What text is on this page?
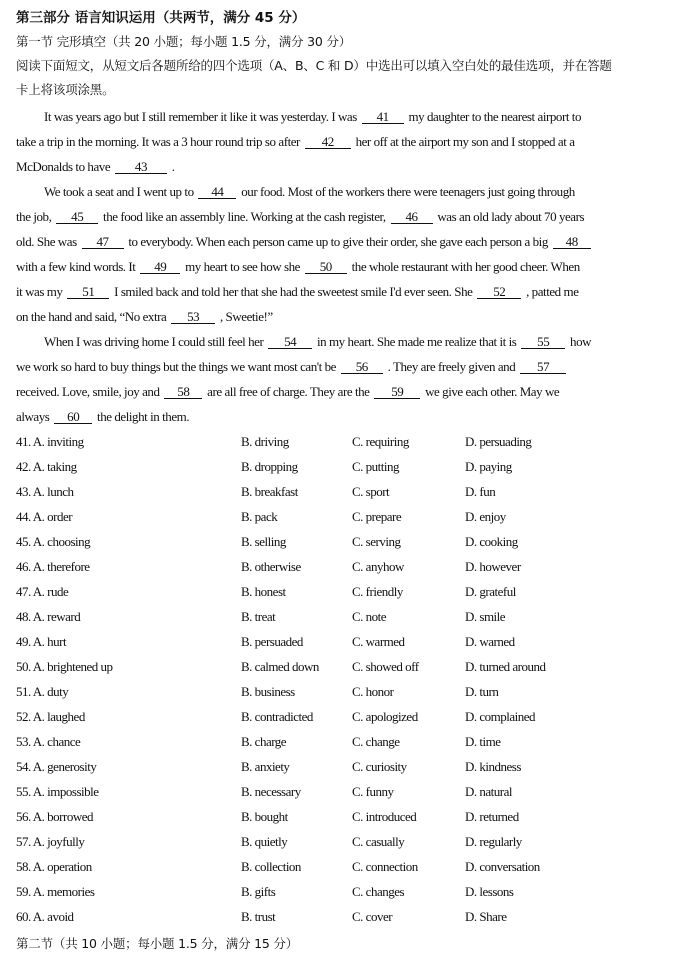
第三部分 语言知识运用（共两节，满分 45 分）
第一节 完形填空（共 20 小题；每小题 1.5 分，满分 30 分）
阅读下面短文，从短文后各题所给的四个选项（A、B、C 和 D）中选出可以填入空白处的最佳选项，并在答题
卡上将该项涂黑。
It was years ago but I still remember it like it was yesterday. I was 41 my daughter to the nearest airport to
take a trip in the morning. It was a 3 hour round trip so after 42 her off at the airport my son and I stopped at a
McDonalds to have 43 .
We took a seat and I went up to 44 our food. Most of the workers there were teenagers just going through
the job, 45 the food like an assembly line. Working at the cash register, 46 was an old lady about 70 years
old. She was 47 to everybody. When each person came up to give their order, she gave each person a big 48
with a few kind words. It 49 my heart to see how she 50 the whole restaurant with her good cheer. When
it was my 51 I smiled back and told her that she had the sweetest smile I'd ever seen. She 52 , patted me
on the hand and said, “No extra 53 , Sweetie!”
When I was driving home I could still feel her 54 in my heart. She made me realize that it is 55 how
we work so hard to buy things but the things we want most can't be 56 . They are freely given and 57
received. Love, smile, joy and 58 are all free of charge. They are the 59 we give each other. May we
always 60 the delight in them.
41. A. inviting	B. driving	C. requiring	D. persuading
42. A. taking	B. dropping	C. putting	D. paying
43. A. lunch	B. breakfast	C. sport	D. fun
44. A. order	B. pack	C. prepare	D. enjoy
45. A. choosing	B. selling	C. serving	D. cooking
46. A. therefore	B. otherwise	C. anyhow	D. however
47. A. rude	B. honest	C. friendly	D. grateful
48. A. reward	B. treat	C. note	D. smile
49. A. hurt	B. persuaded	C. warmed	D. warned
50. A. brightened up	B. calmed down	C. showed off	D. turned around
51. A. duty	B. business	C. honor	D. turn
52. A. laughed	B. contradicted	C. apologized	D. complained
53. A. chance	B. charge	C. change	D. time
54. A. generosity	B. anxiety	C. curiosity	D. kindness
55. A. impossible	B. necessary	C. funny	D. natural
56. A. borrowed	B. bought	C. introduced	D. returned
57. A. joyfully	B. quietly	C. casually	D. regularly
58. A. operation	B. collection	C. connection	D. conversation
59. A. memories	B. gifts	C. changes	D. lessons
60. A. avoid	B. trust	C. cover	D. Share
第二节（共 10 小题；每小题 1.5 分，满分 15 分）
